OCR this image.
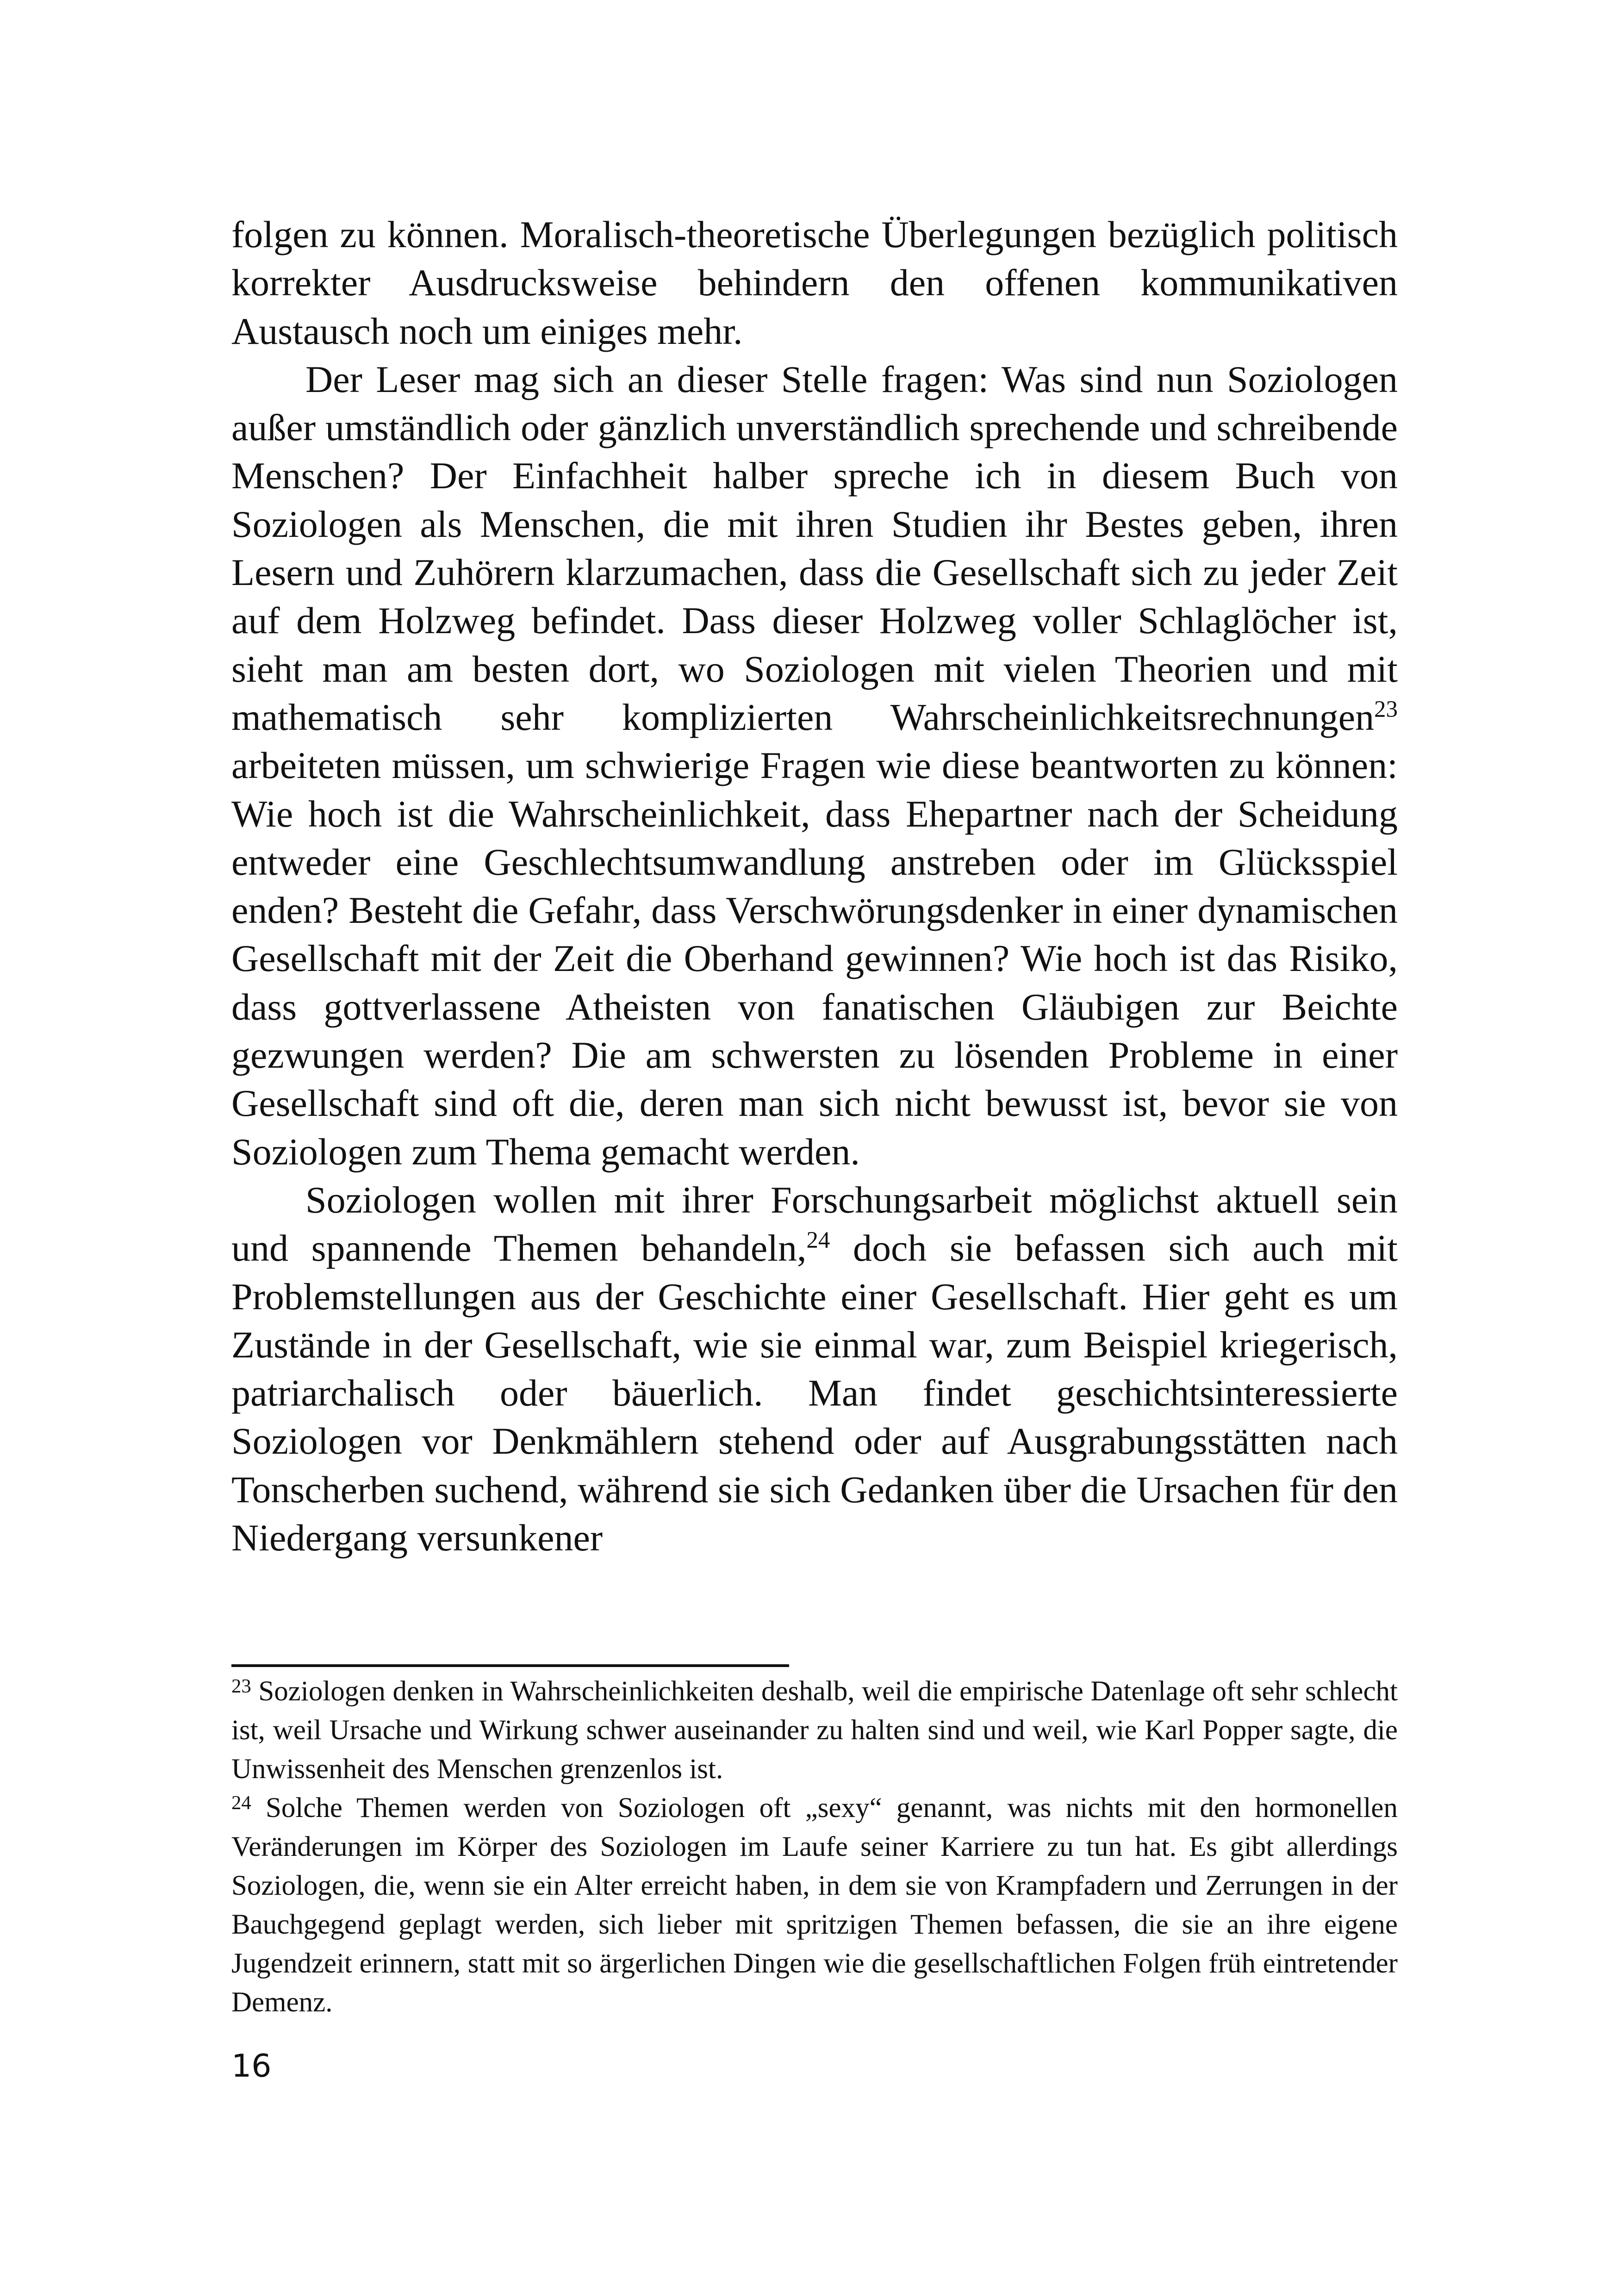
folgen zu können. Moralisch-theoretische Überlegungen bezüglich politisch korrekter Ausdrucksweise behindern den offenen kommunikativen Austausch noch um einiges mehr.

Der Leser mag sich an dieser Stelle fragen: Was sind nun Soziologen außer umständlich oder gänzlich unverständlich sprechende und schreibende Menschen? Der Einfachheit halber spreche ich in diesem Buch von Soziologen als Menschen, die mit ihren Studien ihr Bestes geben, ihren Lesern und Zuhörern klarzumachen, dass die Gesellschaft sich zu jeder Zeit auf dem Holzweg befindet. Dass dieser Holzweg voller Schlaglöcher ist, sieht man am besten dort, wo Soziologen mit vielen Theorien und mit mathematisch sehr komplizierten Wahrscheinlichkeitsrechnungen$^{23}$ arbeiteten müssen, um schwierige Fragen wie diese beantworten zu können: Wie hoch ist die Wahrscheinlichkeit, dass Ehepartner nach der Scheidung entweder eine Geschlechtsumwandlung anstreben oder im Glücksspiel enden? Besteht die Gefahr, dass Verschwörungsdenker in einer dynamischen Gesellschaft mit der Zeit die Oberhand gewinnen? Wie hoch ist das Risiko, dass gottverlassene Atheisten von fanatischen Gläubigen zur Beichte gezwungen werden? Die am schwersten zu lösenden Probleme in einer Gesellschaft sind oft die, deren man sich nicht bewusst ist, bevor sie von Soziologen zum Thema gemacht werden.

Soziologen wollen mit ihrer Forschungsarbeit möglichst aktuell sein und spannende Themen behandeln,$^{24}$ doch sie befassen sich auch mit Problemstellungen aus der Geschichte einer Gesellschaft. Hier geht es um Zustände in der Gesellschaft, wie sie einmal war, zum Beispiel kriegerisch, patriarchalisch oder bäuerlich. Man findet geschichtsinteressierte Soziologen vor Denkmählern stehend oder auf Ausgrabungsstätten nach Tonscherben suchend, während sie sich Gedanken über die Ursachen für den Niedergang versunkener

$^{23}$ Soziologen denken in Wahrscheinlichkeiten deshalb, weil die empirische Datenlage oft sehr schlecht ist, weil Ursache und Wirkung schwer auseinander zu halten sind und weil, wie Karl Popper sagte, die Unwissenheit des Menschen grenzenlos ist.

$^{24}$ Solche Themen werden von Soziologen oft „sexy“ genannt, was nichts mit den hormonellen Veränderungen im Körper des Soziologen im Laufe seiner Karriere zu tun hat. Es gibt allerdings Soziologen, die, wenn sie ein Alter erreicht haben, in dem sie von Krampfadern und Zerrungen in der Bauchgegend geplagt werden, sich lieber mit spritzigen Themen befassen, die sie an ihre eigene Jugendzeit erinnern, statt mit so ärgerlichen Dingen wie die gesellschaftlichen Folgen früh eintretender Demenz.

16
